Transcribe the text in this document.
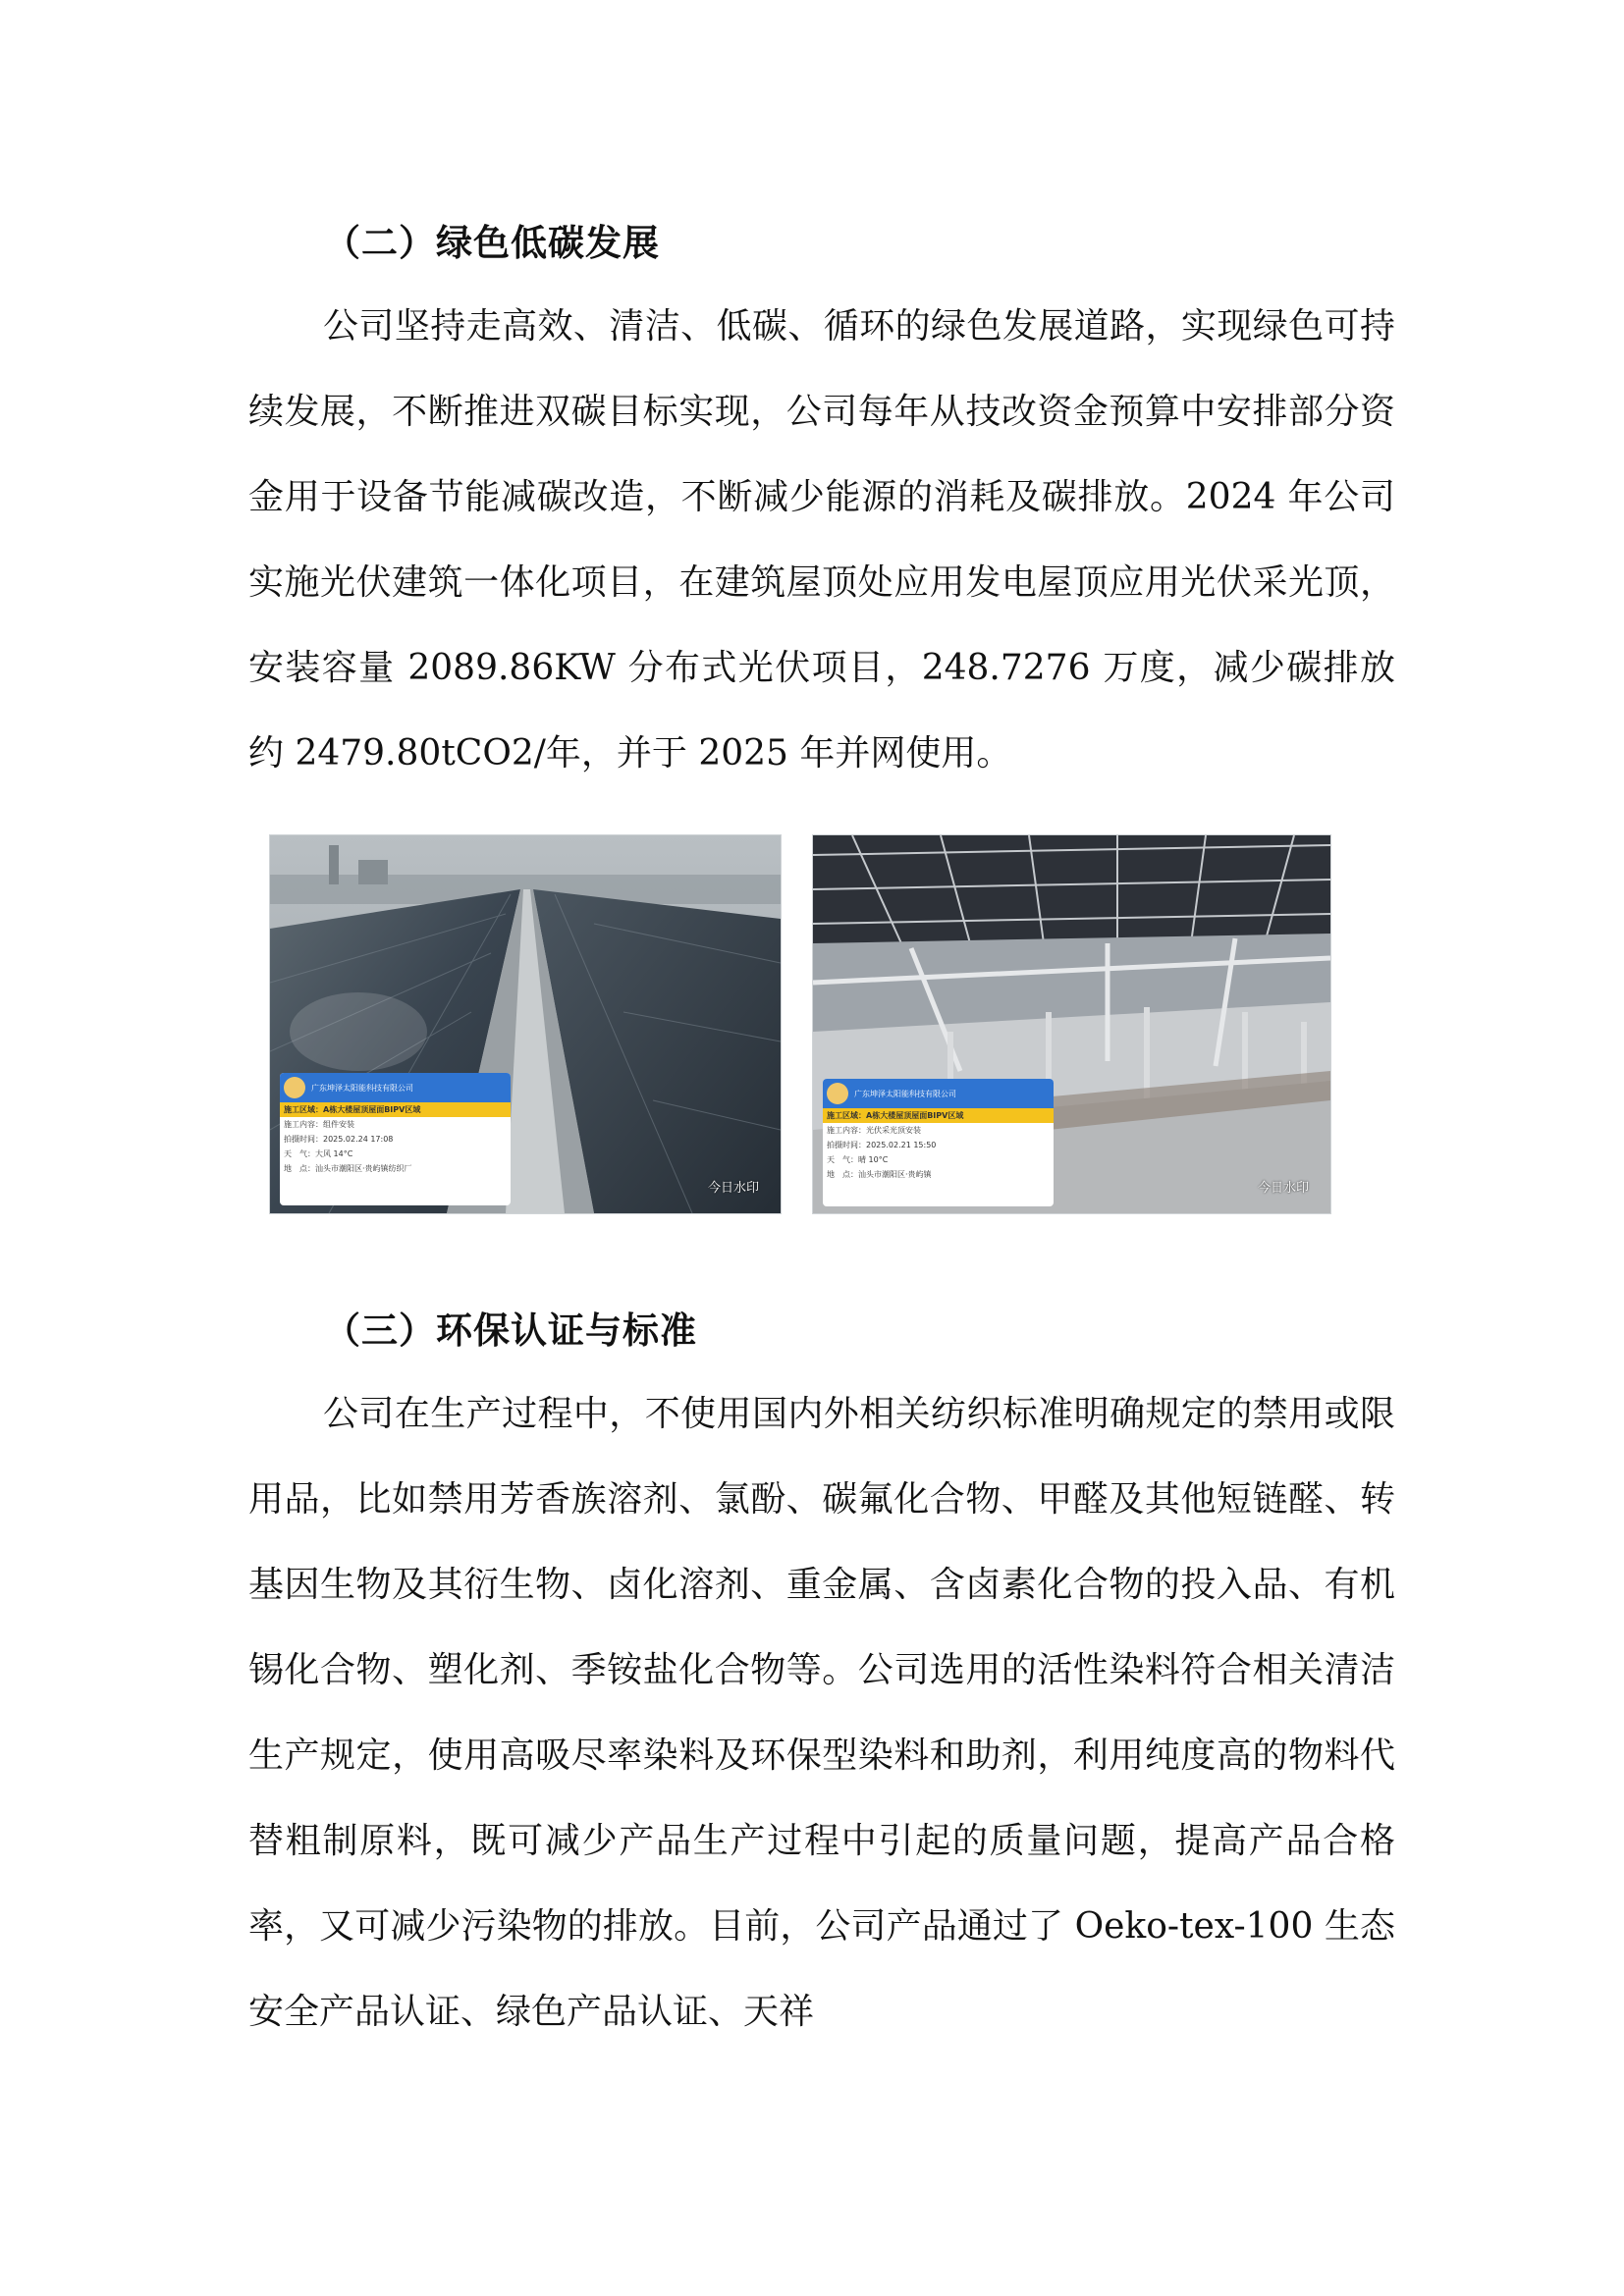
（二）绿色低碳发展

公司坚持走高效、清洁、低碳、循环的绿色发展道路，实现绿色可持续发展，不断推进双碳目标实现，公司每年从技改资金预算中安排部分资金用于设备节能减碳改造，不断减少能源的消耗及碳排放。2024 年公司实施光伏建筑一体化项目，在建筑屋顶处应用发电屋顶应用光伏采光顶，安装容量 2089.86KW 分布式光伏项目，248.7276 万度，减少碳排放约 2479.80tCO2/年，并于 2025 年并网使用。

广东坤泽太阳能科技有限公司
施工区域：A栋大楼屋顶屋面BIPV区域
施工内容：组件安装
拍摄时间：2025.02.24 17:08
天　气：大风 14°C
地　点：汕头市潮阳区·贵屿镇纺织厂
今日水印
广东坤泽太阳能科技有限公司
施工区域：A栋大楼屋顶屋面BIPV区域
施工内容：光伏采光顶安装
拍摄时间：2025.02.21 15:50
天　气：晴 10°C
地　点：汕头市潮阳区·贵屿镇
今日水印
（三）环保认证与标准

公司在生产过程中，不使用国内外相关纺织标准明确规定的禁用或限用品，比如禁用芳香族溶剂、氯酚、碳氟化合物、甲醛及其他短链醛、转基因生物及其衍生物、卤化溶剂、重金属、含卤素化合物的投入品、有机锡化合物、塑化剂、季铵盐化合物等。公司选用的活性染料符合相关清洁生产规定，使用高吸尽率染料及环保型染料和助剂，利用纯度高的物料代替粗制原料，既可减少产品生产过程中引起的质量问题，提高产品合格率，又可减少污染物的排放。目前，公司产品通过了 Oeko-tex-100 生态安全产品认证、绿色产品认证、天祥
